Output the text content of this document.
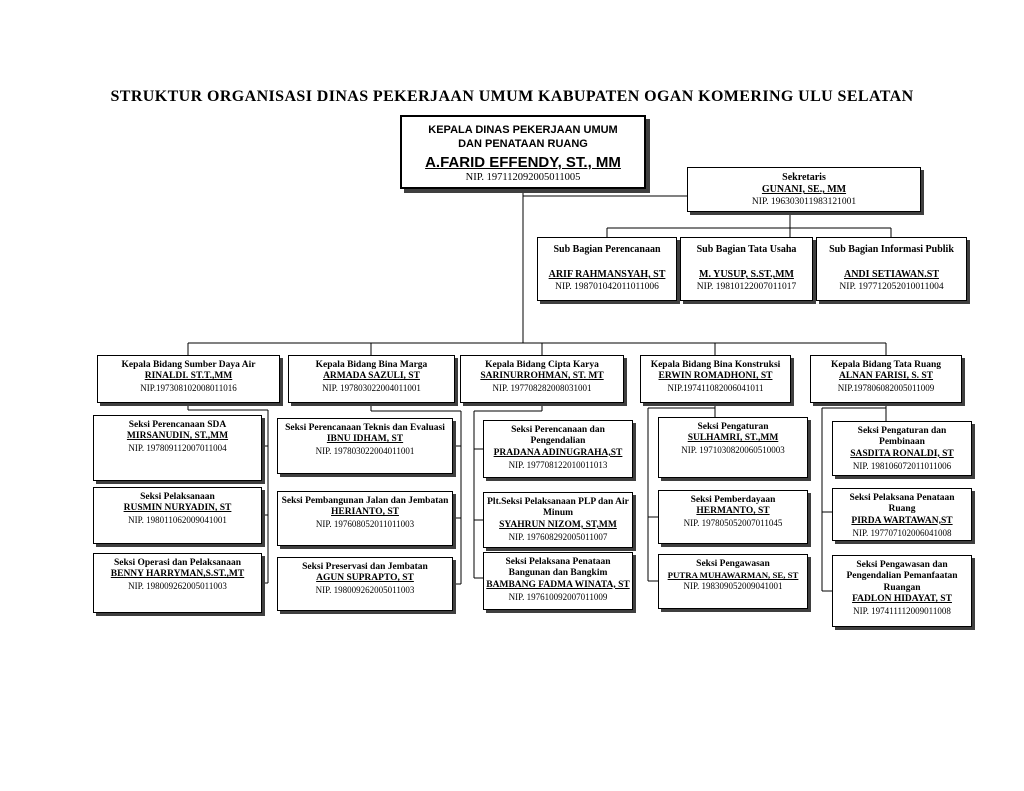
STRUKTUR ORGANISASI DINAS PEKERJAAN UMUM KABUPATEN OGAN KOMERING ULU SELATAN
KEPALA DINAS PEKERJAAN UMUM
DAN PENATAAN RUANG
A.FARID EFFENDY, ST., MM
NIP. 197112092005011005	Sekretaris
GUNANI, SE., MM
NIP. 196303011983121001
Sub Bagian Perencanaan
ARIF RAHMANSYAH, ST
NIP. 198701042011011006
Sub Bagian Tata Usaha
M. YUSUP, S.ST.,MM
NIP. 19810122007011017
Sub Bagian Informasi Publik
ANDI SETIAWAN.ST
NIP. 197712052010011004
Kepala Bidang Sumber Daya Air
RINALDI. ST.T.,MM
NIP.197308102008011016
Kepala Bidang Bina Marga
ARMADA SAZULI, ST
NIP. 197803022004011001
Kepala Bidang Cipta Karya
SARINURROHMAN, ST. MT
NIP. 197708282008031001
Kepala Bidang Bina Konstruksi
ERWIN ROMADHONI, ST
NIP.197411082006041011
Kepala Bidang Tata Ruang
ALNAN FARISI, S. ST
NIP.197806082005011009
Seksi Perencanaan SDA
MIRSANUDIN, ST.,MM
NIP. 197809112007011004
Seksi Pelaksanaan
RUSMIN NURYADIN, ST
NIP. 198011062009041001
Seksi Operasi dan Pelaksanaan
BENNY HARRYMAN,S.ST.,MT
NIP. 198009262005011003
Seksi Perencanaan Teknis dan Evaluasi
IBNU IDHAM, ST
NIP. 197803022004011001
Seksi Pembangunan Jalan dan Jembatan
HERIANTO, ST
NIP. 197608052011011003
Seksi Preservasi dan Jembatan
AGUN SUPRAPTO, ST
NIP. 198009262005011003
Seksi Perencanaan dan Pengendalian
PRADANA ADINUGRAHA,ST
NIP. 197708122010011013
Plt.Seksi Pelaksanaan PLP dan Air Minum
SYAHRUN NIZOM, ST,MM
NIP. 197608292005011007
Seksi Pelaksana Penataan Bangunan dan Bangkim
BAMBANG FADMA WINATA, ST
NIP. 197610092007011009
Seksi Pengaturan
SULHAMRI, ST.,MM
NIP. 1971030820060510003
Seksi Pemberdayaan
HERMANTO, ST
NIP. 197805052007011045
Seksi Pengawasan
PUTRA MUHAWARMAN, SE, ST
NIP. 198309052009041001
Seksi Pengaturan dan Pembinaan
SASDITA RONALDI, ST
NIP. 198106072011011006
Seksi Pelaksana Penataan Ruang
PIRDA WARTAWAN,ST
NIP. 197707102006041008
Seksi Pengawasan dan Pengendalian Pemanfaatan Ruangan
FADLON HIDAYAT, ST
NIP. 197411112009011008
